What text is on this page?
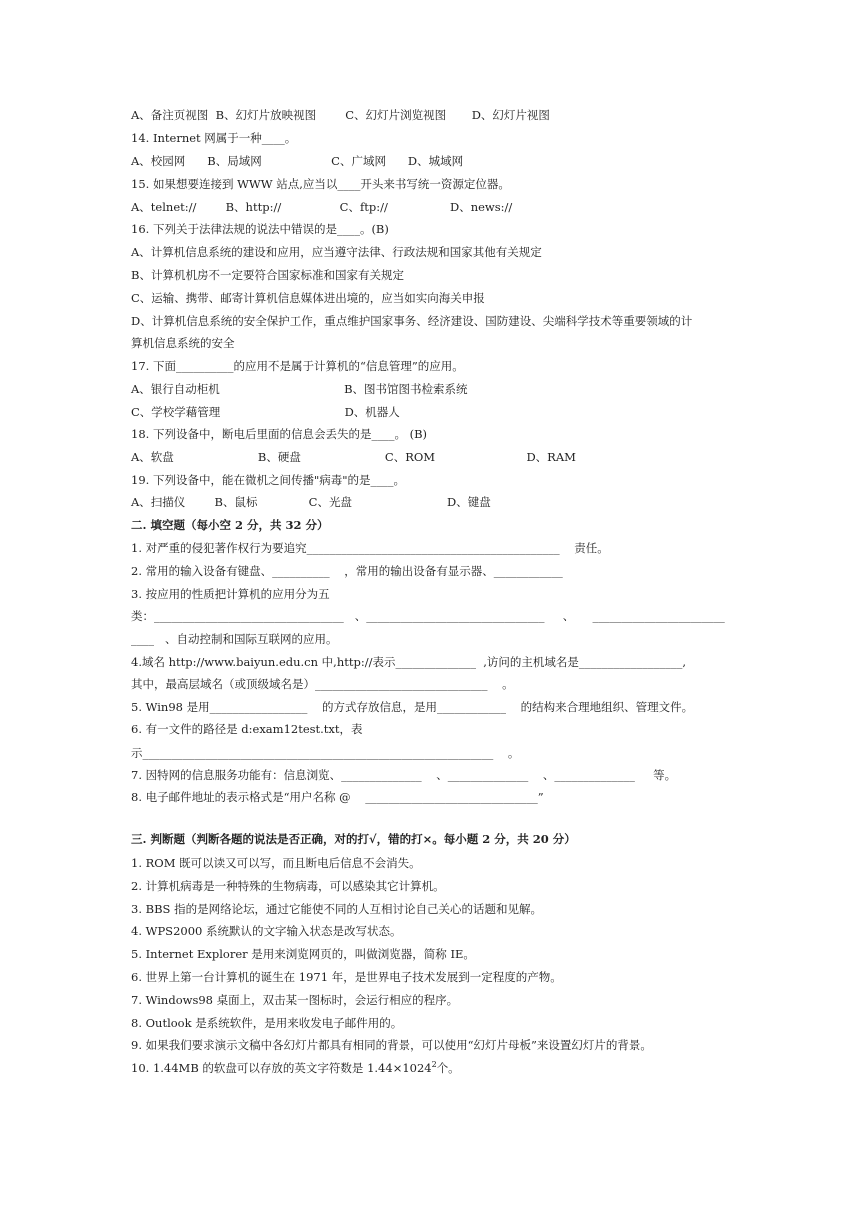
A、备注页视图  B、幻灯片放映视图        C、幻灯片浏览视图       D、幻灯片视图
14. Internet 网属于一种____。
A、校园网      B、局域网                   C、广域网      D、城域网
15. 如果想要连接到 WWW 站点,应当以____开头来书写统一资源定位器。
A、telnet://        B、http://                C、ftp://                 D、news://
16. 下列关于法律法规的说法中错误的是____。(B)
A、计算机信息系统的建设和应用，应当遵守法律、行政法规和国家其他有关规定
B、计算机机房不一定要符合国家标准和国家有关规定
C、运输、携带、邮寄计算机信息媒体进出境的，应当如实向海关申报
D、计算机信息系统的安全保护工作，重点维护国家事务、经济建设、国防建设、尖端科学技术等重要领域的计
算机信息系统的安全
17. 下面__________的应用不是属于计算机的“信息管理”的应用。
A、银行自动柜机                                  B、图书馆图书检索系统
C、学校学藉管理                                  D、机器人
18. 下列设备中，断电后里面的信息会丢失的是____。 (B)
A、软盘                       B、硬盘                       C、ROM                         D、RAM
19. 下列设备中，能在微机之间传播"病毒"的是____。
A、扫描仪        B、鼠标              C、光盘                          D、键盘
二. 填空题（每小空 2 分，共 32 分）
1. 对严重的侵犯著作权行为要追究____________________________________________    责任。
2. 常用的输入设备有键盘、__________    ，常用的输出设备有显示器、____________
3. 按应用的性质把计算机的应用分为五
类：_________________________________   、_______________________________     、     _______________________
____   、自动控制和国际互联网的应用。
4.域名 http://www.baiyun.edu.cn 中,http://表示______________  ,访问的主机域名是__________________,
其中，最高层域名（或顶级域名是）______________________________    。
5. Win98 是用_________________    的方式存放信息，是用____________    的结构来合理地组织、管理文件。
6. 有一文件的路径是 d:exam12test.txt，表
示_____________________________________________________________    。
7. 因特网的信息服务功能有：信息浏览、______________    、______________    、______________     等。
8. 电子邮件地址的表示格式是“用户名称 @    ______________________________”
三. 判断题（判断各题的说法是否正确，对的打√，错的打×。每小题 2 分，共 20 分）
1. ROM 既可以读又可以写，而且断电后信息不会消失。
2. 计算机病毒是一种特殊的生物病毒，可以感染其它计算机。
3. BBS 指的是网络论坛，通过它能使不同的人互相讨论自己关心的话题和见解。
4. WPS2000 系统默认的文字输入状态是改写状态。
5. Internet Explorer 是用来浏览网页的，叫做浏览器，简称 IE。
6. 世界上第一台计算机的诞生在 1971 年，是世界电子技术发展到一定程度的产物。
7. Windows98 桌面上，双击某一图标时，会运行相应的程序。
8. Outlook 是系统软件，是用来收发电子邮件用的。
9. 如果我们要求演示文稿中各幻灯片都具有相同的背景，可以使用“幻灯片母板”来设置幻灯片的背景。
10. 1.44MB 的软盘可以存放的英文字符数是 $1.44\times 1024^2$个。
